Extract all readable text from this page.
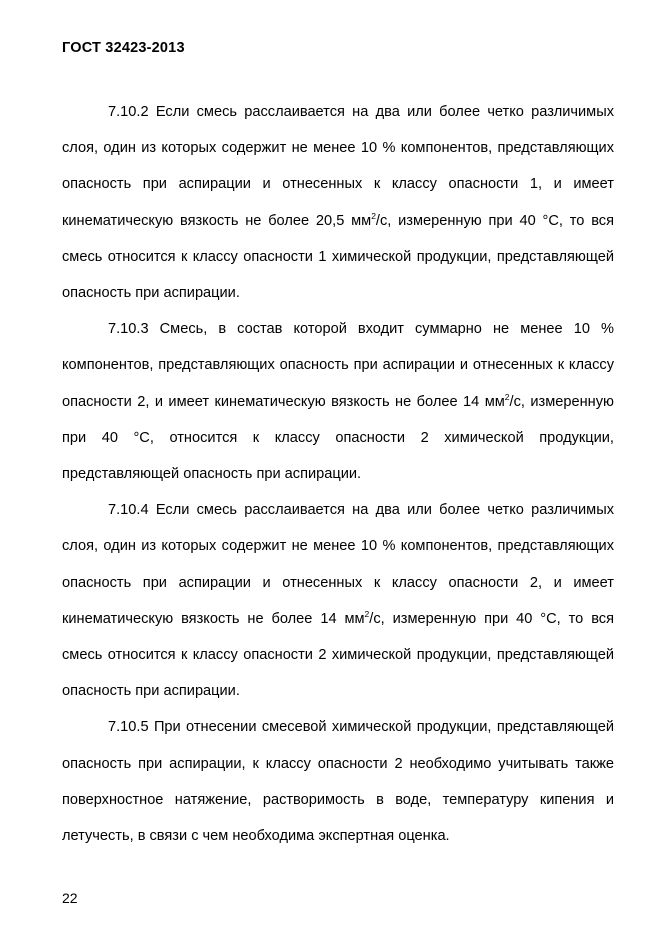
ГОСТ 32423-2013

7.10.2 Если смесь расслаивается на два или более четко различимых слоя, один из которых содержит не менее 10 % компонентов, представляющих опасность при аспирации и отнесенных к классу опасности 1, и имеет кинематическую вязкость не более 20,5 $мм^2/с$, измеренную при 40 °С, то вся смесь относится к классу опасности 1 химической продукции, представляющей опасность при аспирации.

7.10.3 Смесь, в состав которой входит суммарно не менее 10 % компонентов, представляющих опасность при аспирации и отнесенных к классу опасности 2, и имеет кинематическую вязкость не более 14 $мм^2/с$, измеренную при 40 °С, относится к классу опасности 2 химической продукции, представляющей опасность при аспирации.

7.10.4 Если смесь расслаивается на два или более четко различимых слоя, один из которых содержит не менее 10 % компонентов, представляющих опасность при аспирации и отнесенных к классу опасности 2, и имеет кинематическую вязкость не более 14 $мм^2/с$, измеренную при 40 °С, то вся смесь относится к классу опасности 2 химической продукции, представляющей опасность при аспирации.

7.10.5 При отнесении смесевой химической продукции, представляющей опасность при аспирации, к классу опасности 2 необходимо учитывать также поверхностное натяжение, растворимость в воде, температуру кипения и летучесть, в связи с чем необходима экспертная оценка.

22
